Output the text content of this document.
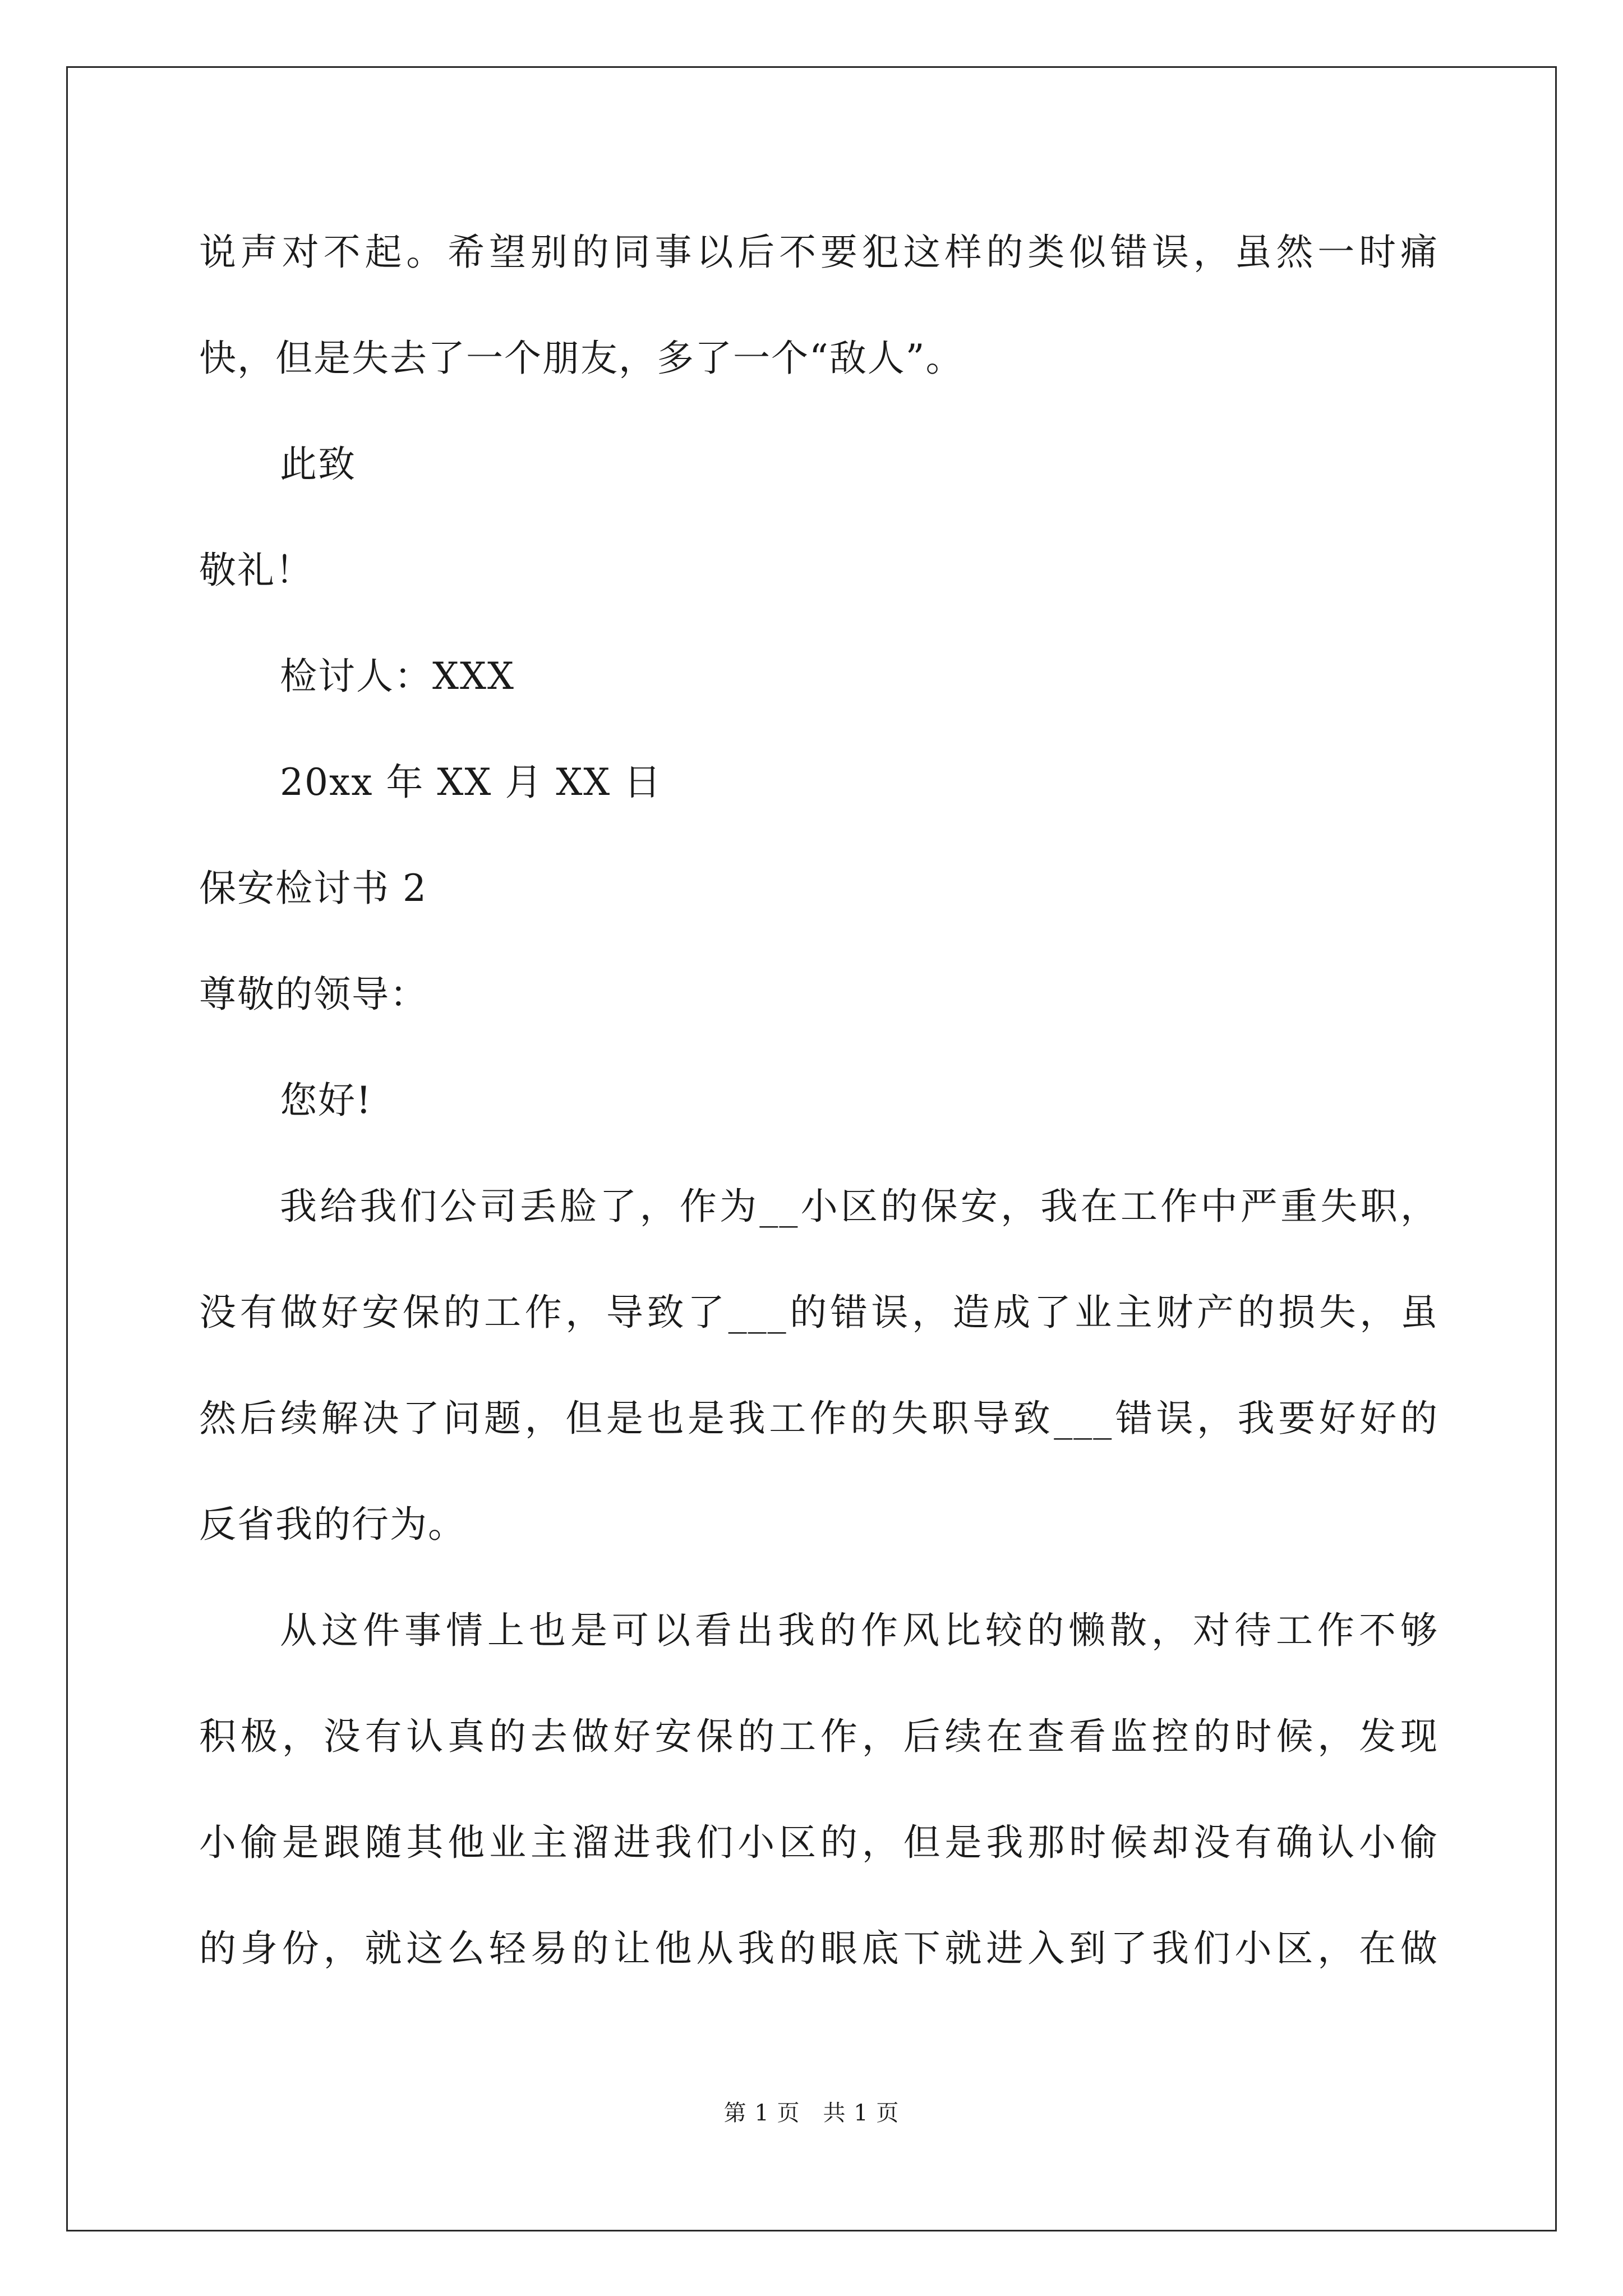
说声对不起。希望别的同事以后不要犯这样的类似错误，虽然一时痛
快，但是失去了一个朋友，多了一个“敌人”。
此致
敬礼！
检讨人：XXX
20xx 年 XX 月 XX 日
保安检讨书 2
尊敬的领导：
您好!
我给我们公司丢脸了，作为__小区的保安，我在工作中严重失职，
没有做好安保的工作，导致了___的错误，造成了业主财产的损失，虽
然后续解决了问题，但是也是我工作的失职导致___错误，我要好好的
反省我的行为。
从这件事情上也是可以看出我的作风比较的懒散，对待工作不够
积极，没有认真的去做好安保的工作，后续在查看监控的时候，发现
小偷是跟随其他业主溜进我们小区的，但是我那时候却没有确认小偷
的身份，就这么轻易的让他从我的眼底下就进入到了我们小区，在做
第 1 页　共 1 页
